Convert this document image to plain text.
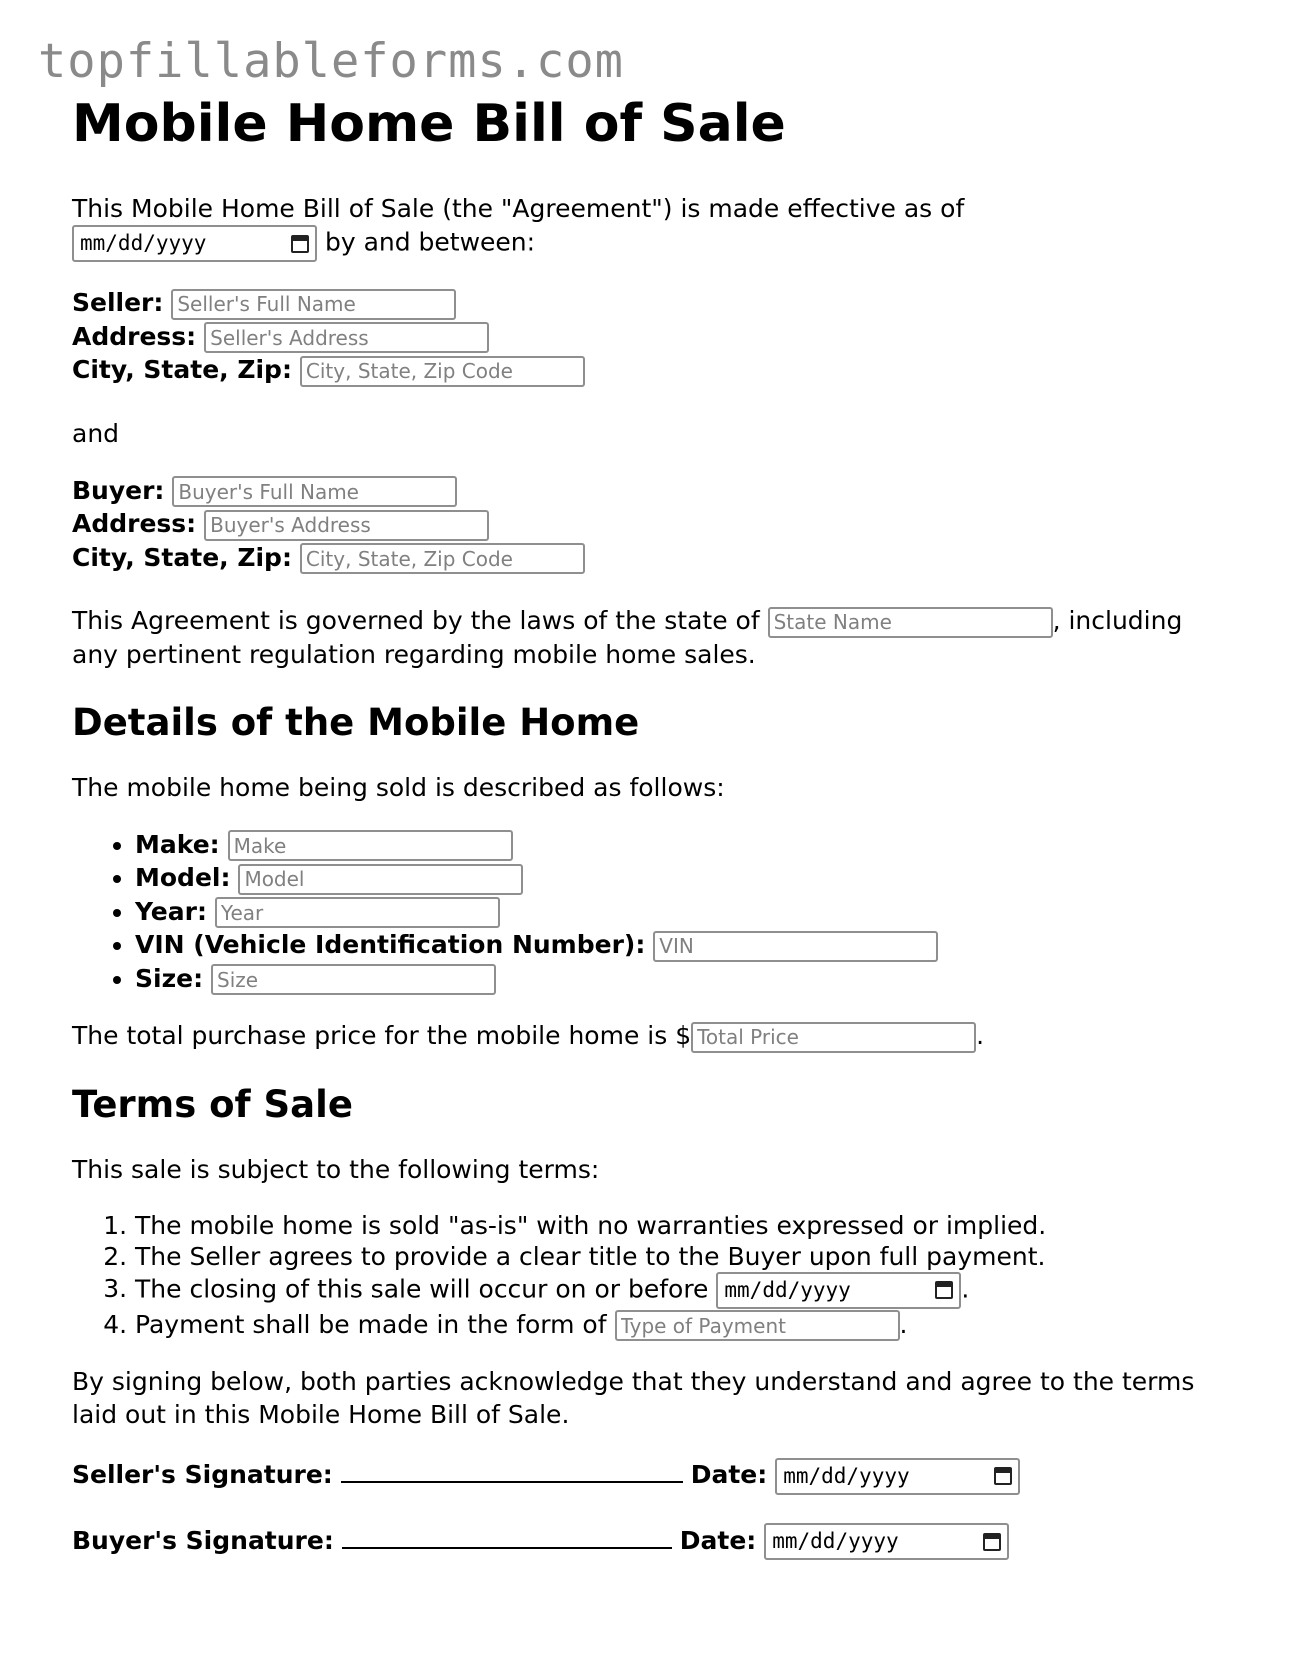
topfillableforms.com
Mobile Home Bill of Sale

This Mobile Home Bill of Sale (the "Agreement") is made effective as of

mm/dd/yyyy	by and between:

Seller: Seller's Full Name
Address: Seller's Address
City, State, Zip: City, State, Zip Code

and

Buyer: Buyer's Full Name
Address: Buyer's Address
City, State, Zip: City, State, Zip Code

This Agreement is governed by the laws of the state of State Name	, including any pertinent regulation regarding mobile home sales.

Details of the Mobile Home

The mobile home being sold is described as follows:

• Make: Make
• Model: Model
• Year: Year
• VIN (Vehicle Identification Number): VIN
• Size: Size

The total purchase price for the mobile home is $Total Price	.

Terms of Sale

This sale is subject to the following terms:

1. The mobile home is sold "as-is" with no warranties expressed or implied.
2. The Seller agrees to provide a clear title to the Buyer upon full payment.
3. The closing of this sale will occur on or before mm/dd/yyyy	.
4. Payment shall be made in the form of Type of Payment	.

By signing below, both parties acknowledge that they understand and agree to the terms laid out in this Mobile Home Bill of Sale.

Seller's Signature:	Date: mm/dd/yyyy
Buyer's Signature:	Date: mm/dd/yyyy
